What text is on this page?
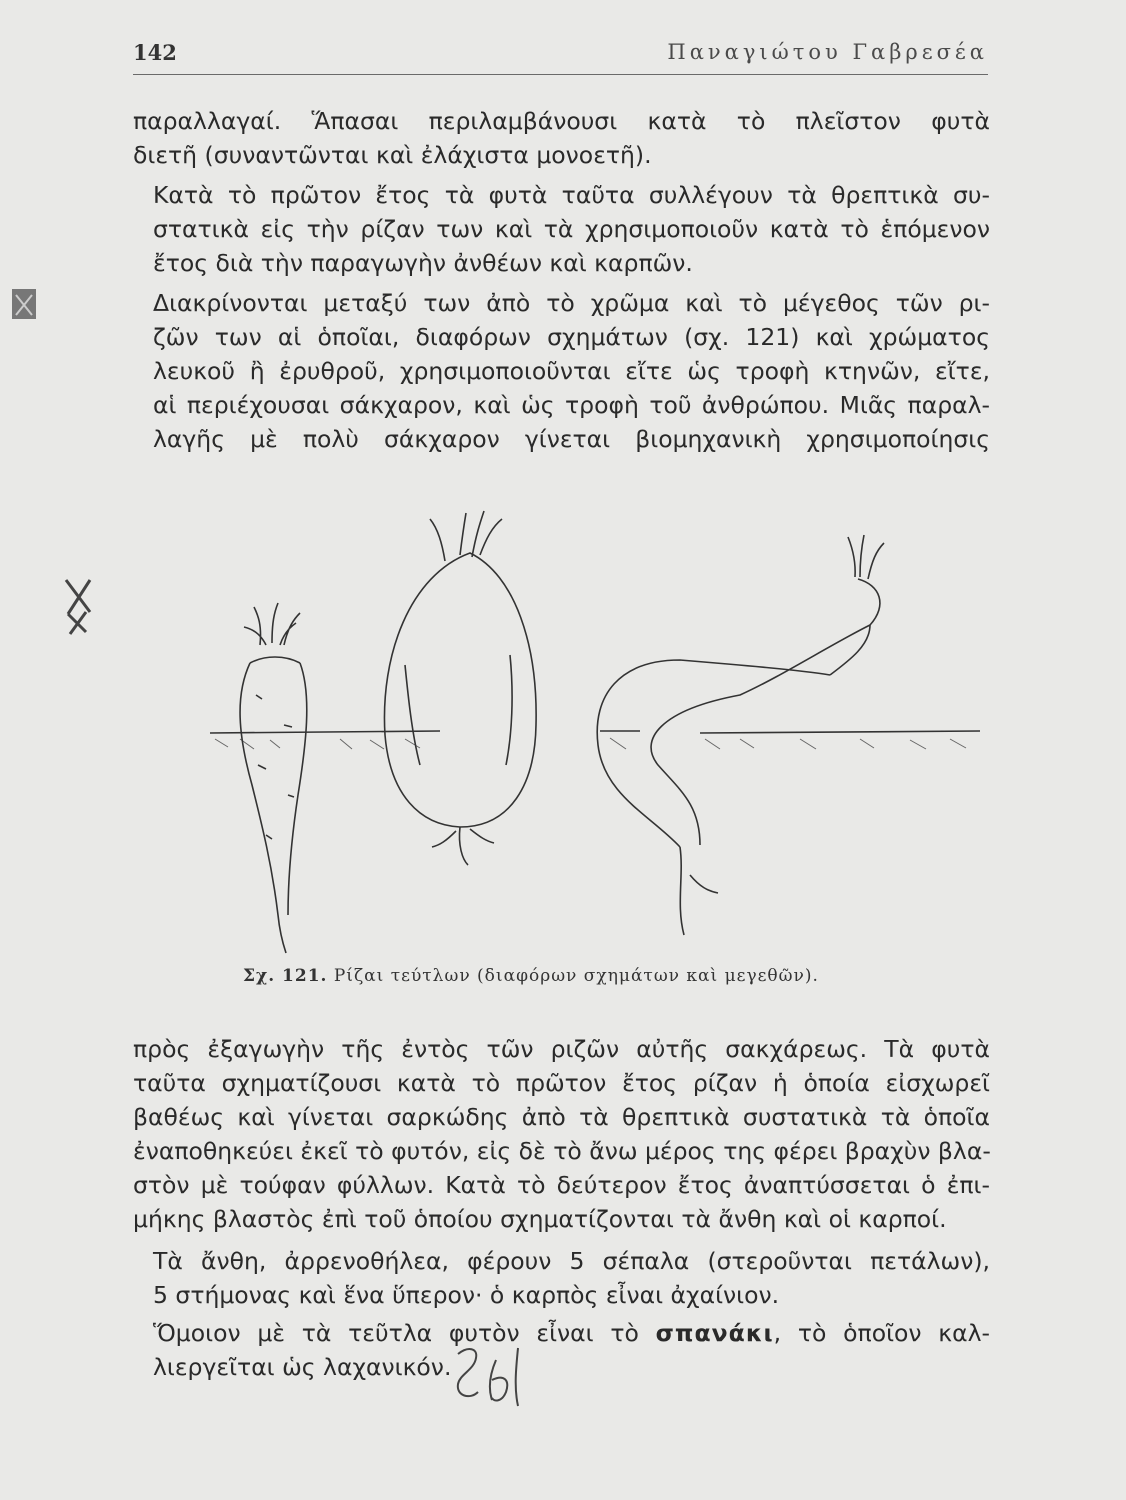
142	Παναγιώτου Γαβρεσέα

παραλλαγαί. Ἅπασαι περιλαμβάνουσι κατὰ τὸ πλεῖστον φυτὰ
διετῆ (συναντῶνται καὶ ἐλάχιστα μονοετῆ).

Κατὰ τὸ πρῶτον ἔτος τὰ φυτὰ ταῦτα συλλέγουν τὰ θρεπτικὰ συ-
στατικὰ εἰς τὴν ρίζαν των καὶ τὰ χρησιμοποιοῦν κατὰ τὸ ἑπόμενον
ἔτος διὰ τὴν παραγωγὴν ἀνθέων καὶ καρπῶν.

Διακρίνονται μεταξύ των ἀπὸ τὸ χρῶμα καὶ τὸ μέγεθος τῶν ρι-
ζῶν των αἱ ὁποῖαι, διαφόρων σχημάτων (σχ. 121) καὶ χρώματος
λευκοῦ ἢ ἐρυθροῦ, χρησιμοποιοῦνται εἴτε ὡς τροφὴ κτηνῶν, εἴτε,
αἱ περιέχουσαι σάκχαρον, καὶ ὡς τροφὴ τοῦ ἀνθρώπου. Μιᾶς παραλ-
λαγῆς μὲ πολὺ σάκχαρον γίνεται βιομηχανικὴ χρησιμοποίησις

Σχ. 121. Ρίζαι τεύτλων (διαφόρων σχημάτων καὶ μεγεθῶν).

πρὸς ἐξαγωγὴν τῆς ἐντὸς τῶν ριζῶν αὐτῆς σακχάρεως. Τὰ φυτὰ
ταῦτα σχηματίζουσι κατὰ τὸ πρῶτον ἔτος ρίζαν ἡ ὁποία εἰσχωρεῖ
βαθέως καὶ γίνεται σαρκώδης ἀπὸ τὰ θρεπτικὰ συστατικὰ τὰ ὁποῖα
ἐναποθηκεύει ἐκεῖ τὸ φυτόν, εἰς δὲ τὸ ἄνω μέρος της φέρει βραχὺν βλα-
στὸν μὲ τούφαν φύλλων. Κατὰ τὸ δεύτερον ἔτος ἀναπτύσσεται ὁ ἐπι-
μήκης βλαστὸς ἐπὶ τοῦ ὁποίου σχηματίζονται τὰ ἄνθη καὶ οἱ καρποί.

Τὰ ἄνθη, ἀρρενοθήλεα, φέρουν 5 σέπαλα (στεροῦνται πετάλων),
5 στήμονας καὶ ἕνα ὕπερον· ὁ καρπὸς εἶναι ἀχαίνιον.

Ὅμοιον μὲ τὰ τεῦτλα φυτὸν εἶναι τὸ σπανάκι, τὸ ὁποῖον καλ-
λιεργεῖται ὡς λαχανικόν.
